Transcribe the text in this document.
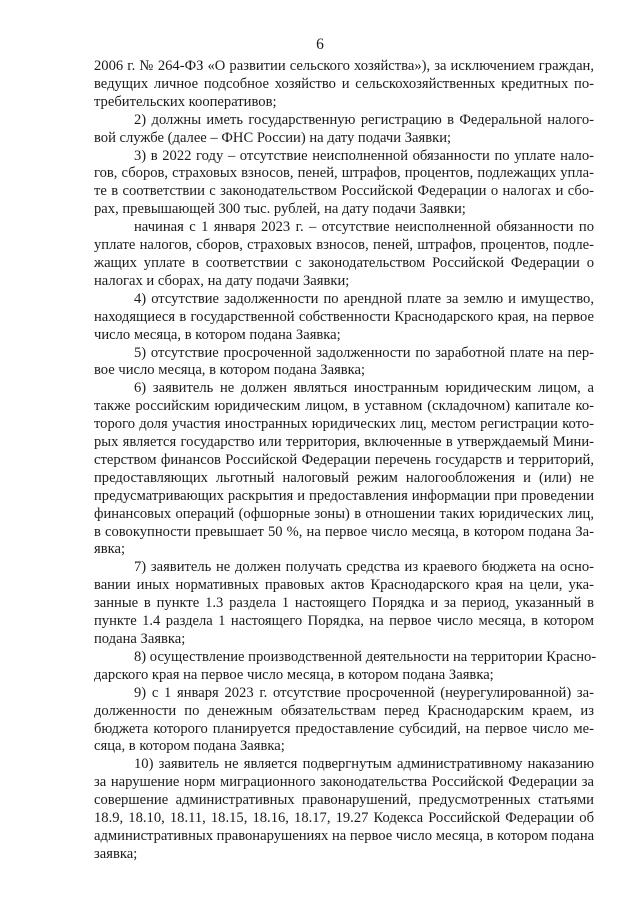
6
2006 г. № 264-ФЗ «О развитии сельского хозяйства»), за исключением граждан,
ведущих личное подсобное хозяйство и сельскохозяйственных кредитных по-
требительских кооперативов;
2) должны иметь государственную регистрацию в Федеральной налого-
вой службе (далее – ФНС России) на дату подачи Заявки;
3) в 2022 году – отсутствие неисполненной обязанности по уплате нало-
гов, сборов, страховых взносов, пеней, штрафов, процентов, подлежащих упла-
те в соответствии с законодательством Российской Федерации о налогах и сбо-
рах, превышающей 300 тыс. рублей, на дату подачи Заявки;
начиная с 1 января 2023 г. – отсутствие неисполненной обязанности по
уплате налогов, сборов, страховых взносов, пеней, штрафов, процентов, подле-
жащих уплате в соответствии с законодательством Российской Федерации о
налогах и сборах, на дату подачи Заявки;
4) отсутствие задолженности по арендной плате за землю и имущество,
находящиеся в государственной собственности Краснодарского края, на первое
число месяца, в котором подана Заявка;
5) отсутствие просроченной задолженности по заработной плате на пер-
вое число месяца, в котором подана Заявка;
6) заявитель не должен являться иностранным юридическим лицом, а
также российским юридическим лицом, в уставном (складочном) капитале ко-
торого доля участия иностранных юридических лиц, местом регистрации кото-
рых является государство или территория, включенные в утверждаемый Мини-
стерством финансов Российской Федерации перечень государств и территорий,
предоставляющих льготный налоговый режим налогообложения и (или) не
предусматривающих раскрытия и предоставления информации при проведении
финансовых операций (офшорные зоны) в отношении таких юридических лиц,
в совокупности превышает 50 %, на первое число месяца, в котором подана За-
явка;
7) заявитель не должен получать средства из краевого бюджета на осно-
вании иных нормативных правовых актов Краснодарского края на цели, ука-
занные в пункте 1.3 раздела 1 настоящего Порядка и за период, указанный в
пункте 1.4 раздела 1 настоящего Порядка, на первое число месяца, в котором
подана Заявка;
8) осуществление производственной деятельности на территории Красно-
дарского края на первое число месяца, в котором подана Заявка;
9) с 1 января 2023 г. отсутствие просроченной (неурегулированной) за-
долженности по денежным обязательствам перед Краснодарским краем, из
бюджета которого планируется предоставление субсидий, на первое число ме-
сяца, в котором подана Заявка;
10) заявитель не является подвергнутым административному наказанию
за нарушение норм миграционного законодательства Российской Федерации за
совершение административных правонарушений, предусмотренных статьями
18.9, 18.10, 18.11, 18.15, 18.16, 18.17, 19.27 Кодекса Российской Федерации об
административных правонарушениях на первое число месяца, в котором подана
заявка;
